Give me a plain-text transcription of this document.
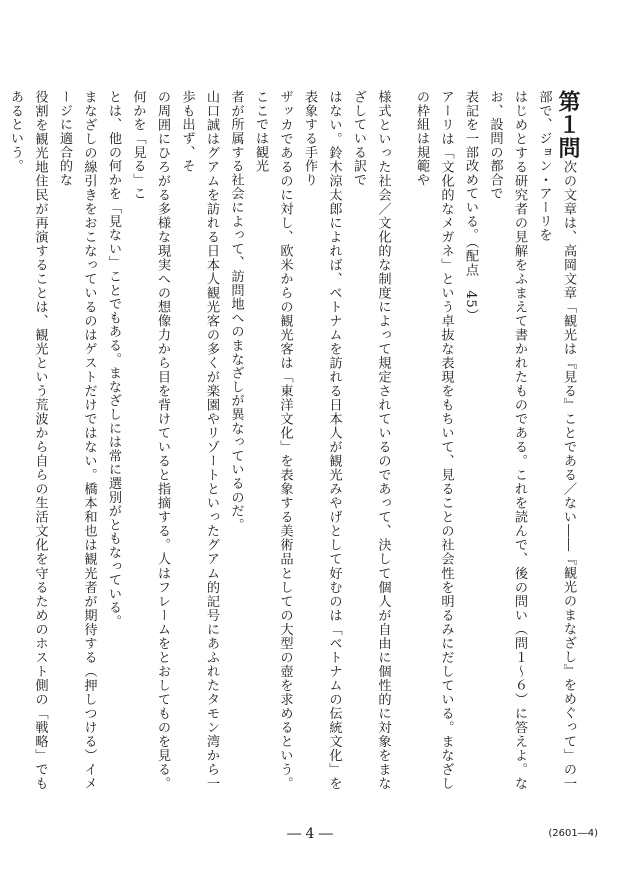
第１問次の文章は、高岡文章「観光は『見る』ことである／ない――『観光のまなざし』をめぐって」の一部で、ジョン・アーリを

はじめとする研究者の見解をふまえて書かれたものである。これを読んで、後の問い（問１～６）に答えよ。なお、設問の都合で

表記を一部改めている。（配点　45）

アーリは「文化的なメガネ」という卓抜な表現をもちいて、見ることの社会性を明るみにだしている。まなざしの枠組は規範や

様式といった社会／文化的な制度によって規定されているのであって、決して個人が自由に個性的に対象をまなざしている訳で

はない。鈴木涼太郎によれば、ベトナムを訪れる日本人が観光みやげとして好むのは「ベトナムの伝統文化」を表象する手作り

ザッカであるのに対し、欧米からの観光客は「東洋文化」を表象する美術品としての大型の壺を求めるという。ここでは観光

者が所属する社会によって、訪問地へのまなざしが異なっているのだ。

山口誠はグアムを訪れる日本人観光客の多くが楽園やリゾートといったグアム的記号にあふれたタモン湾から一歩も出ず、そ

の周囲にひろがる多様な現実への想像力から目を背けていると指摘する。人はフレームをとおしてものを見る。何かを「見る」こ

とは、他の何かを「見ない」ことでもある。まなざしには常に選別がともなっている。

まなざしの線引きをおこなっているのはゲストだけではない。橋本和也は観光者が期待する（押しつける）イメージに適合的な

役割を観光地住民が再演することは、観光という荒波から自らの生活文化を守るためのホスト側の「戦略」でもあるという。

― 4 ―	(2601―4)
